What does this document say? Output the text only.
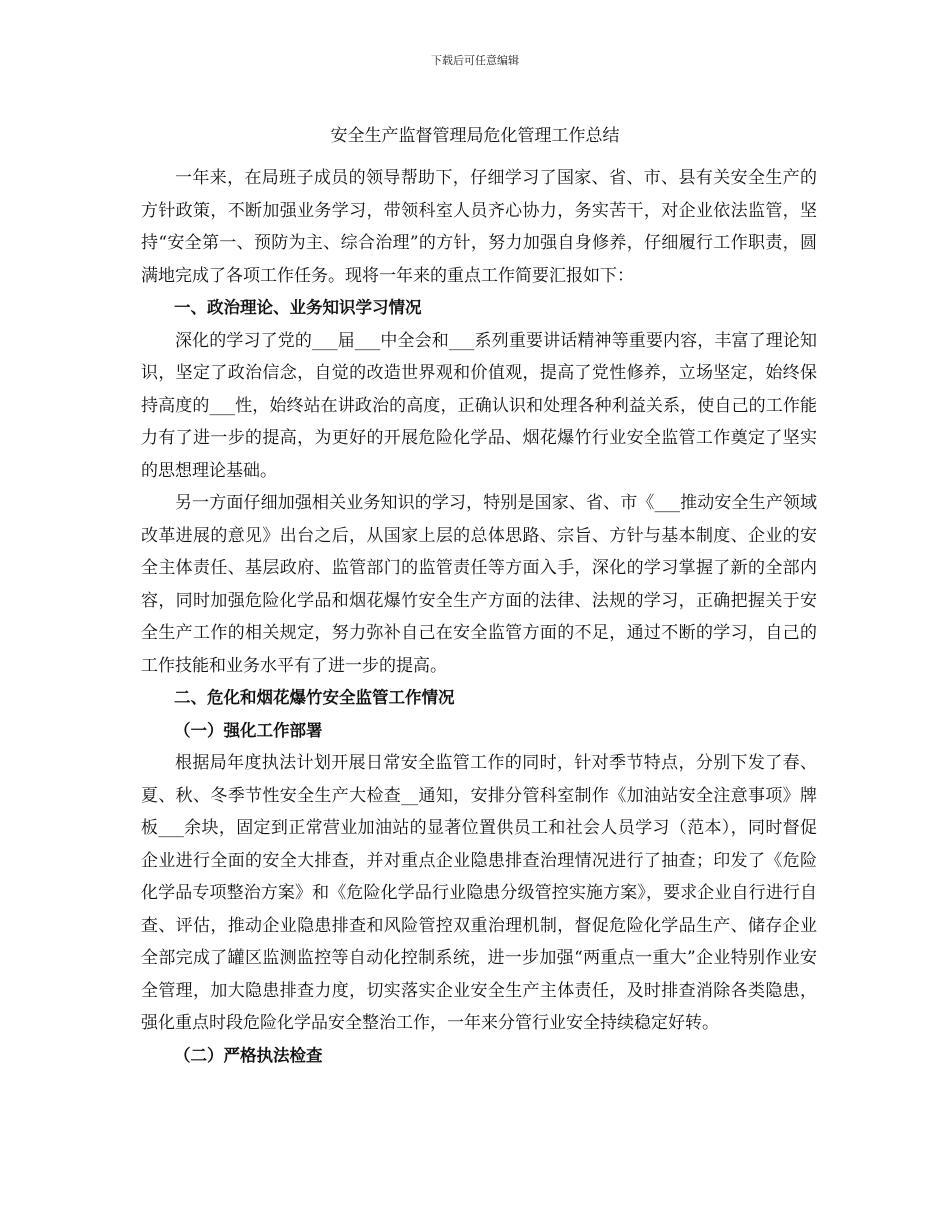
下载后可任意编辑
安全生产监督管理局危化管理工作总结

一年来，在局班子成员的领导帮助下，仔细学习了国家、省、市、县有关安全生产的方针政策，不断加强业务学习，带领科室人员齐心协力，务实苦干，对企业依法监管，坚持“安全第一、预防为主、综合治理”的方针，努力加强自身修养，仔细履行工作职责，圆满地完成了各项工作任务。现将一年来的重点工作简要汇报如下：

一、政治理论、业务知识学习情况

深化的学习了党的___届___中全会和___系列重要讲话精神等重要内容，丰富了理论知识，坚定了政治信念，自觉的改造世界观和价值观，提高了党性修养，立场坚定，始终保持高度的___性，始终站在讲政治的高度，正确认识和处理各种利益关系，使自己的工作能力有了进一步的提高，为更好的开展危险化学品、烟花爆竹行业安全监管工作奠定了坚实的思想理论基础。

另一方面仔细加强相关业务知识的学习，特别是国家、省、市《___推动安全生产领域改革进展的意见》出台之后，从国家上层的总体思路、宗旨、方针与基本制度、企业的安全主体责任、基层政府、监管部门的监管责任等方面入手，深化的学习掌握了新的全部内容，同时加强危险化学品和烟花爆竹安全生产方面的法律、法规的学习，正确把握关于安全生产工作的相关规定，努力弥补自己在安全监管方面的不足，通过不断的学习，自己的工作技能和业务水平有了进一步的提高。

二、危化和烟花爆竹安全监管工作情况

（一）强化工作部署

根据局年度执法计划开展日常安全监管工作的同时，针对季节特点，分别下发了春、夏、秋、冬季节性安全生产大检查__通知，安排分管科室制作《加油站安全注意事项》牌板___余块，固定到正常营业加油站的显著位置供员工和社会人员学习（范本），同时督促企业进行全面的安全大排查，并对重点企业隐患排查治理情况进行了抽查；印发了《危险化学品专项整治方案》和《危险化学品行业隐患分级管控实施方案》，要求企业自行进行自查、评估，推动企业隐患排查和风险管控双重治理机制，督促危险化学品生产、储存企业全部完成了罐区监测监控等自动化控制系统，进一步加强“两重点一重大”企业特别作业安全管理，加大隐患排查力度，切实落实企业安全生产主体责任，及时排查消除各类隐患，强化重点时段危险化学品安全整治工作，一年来分管行业安全持续稳定好转。

（二）严格执法检查
